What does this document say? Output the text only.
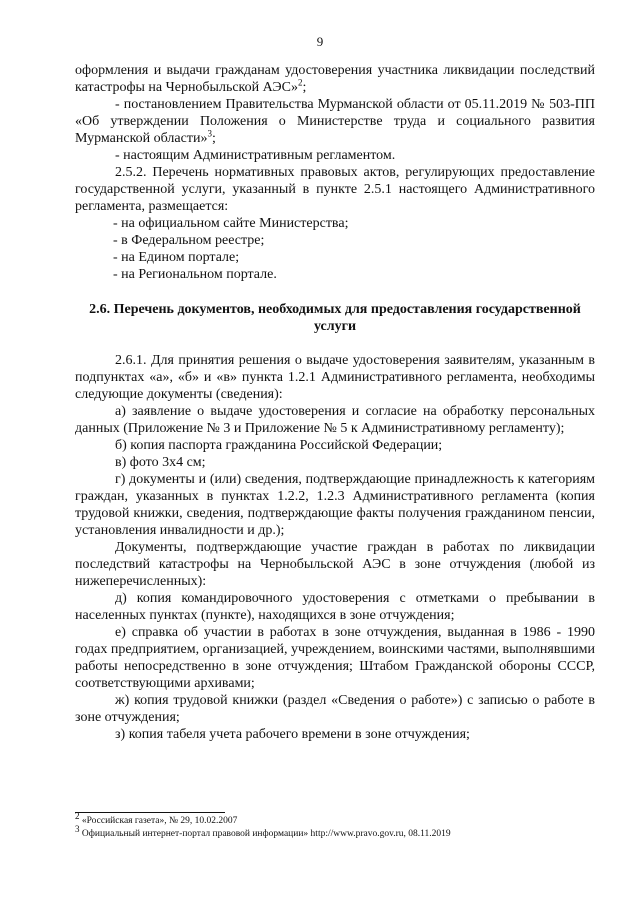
9

оформления и выдачи гражданам удостоверения участника ликвидации последствий катастрофы на Чернобыльской АЭС»$^2$;

- постановлением Правительства Мурманской области от 05.11.2019 № 503-ПП «Об утверждении Положения о Министерстве труда и социального развития Мурманской области»$^3$;

- настоящим Административным регламентом.

2.5.2. Перечень нормативных правовых актов, регулирующих предоставление государственной услуги, указанный в пункте 2.5.1 настоящего Административного регламента, размещается:

- на официальном сайте Министерства;

- в Федеральном реестре;

- на Едином портале;

- на Региональном портале.

2.6. Перечень документов, необходимых для предоставления государственной услуги

2.6.1. Для принятия решения о выдаче удостоверения заявителям, указанным в подпунктах «а», «б» и «в» пункта 1.2.1 Административного регламента, необходимы следующие документы (сведения):

а) заявление о выдаче удостоверения и согласие на обработку персональных данных (Приложение № 3 и Приложение № 5 к Административному регламенту);

б) копия паспорта гражданина Российской Федерации;

в) фото 3х4 см;

г) документы и (или) сведения, подтверждающие принадлежность к категориям граждан, указанных в пунктах 1.2.2, 1.2.3 Административного регламента (копия трудовой книжки, сведения, подтверждающие факты получения гражданином пенсии, установления инвалидности и др.);

Документы, подтверждающие участие граждан в работах по ликвидации последствий катастрофы на Чернобыльской АЭС в зоне отчуждения (любой из нижеперечисленных):

д) копия командировочного удостоверения с отметками о пребывании в населенных пунктах (пункте), находящихся в зоне отчуждения;

е) справка об участии в работах в зоне отчуждения, выданная в 1986 - 1990 годах предприятием, организацией, учреждением, воинскими частями, выполнявшими работы непосредственно в зоне отчуждения; Штабом Гражданской обороны СССР, соответствующими архивами;

ж) копия трудовой книжки (раздел «Сведения о работе») с записью о работе в зоне отчуждения;

з) копия табеля учета рабочего времени в зоне отчуждения;

$^2$ «Российская газета», № 29, 10.02.2007
$^3$ Официальный интернет-портал правовой информации» http://www.pravo.gov.ru, 08.11.2019
